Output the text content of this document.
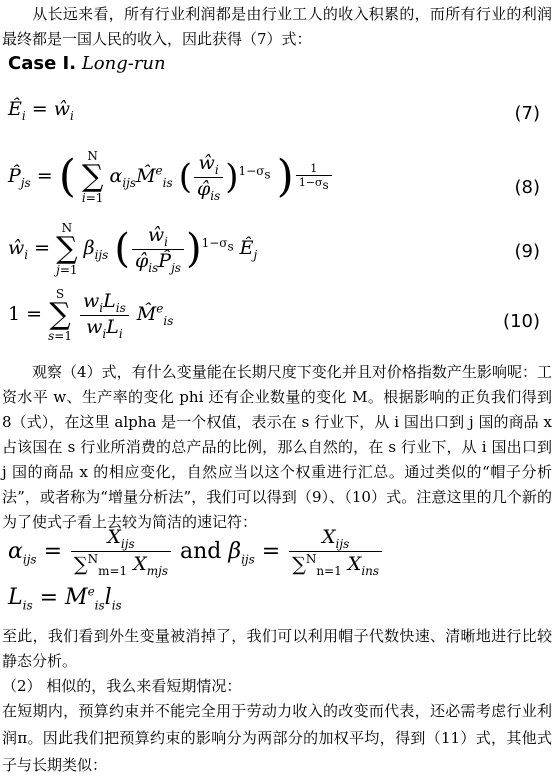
从长远来看，所有行业利润都是由行业工人的收入积累的，而所有行业的利润最终都是一国人民的收入，因此获得（7）式：
Case I. Long-run
$Ê_i$ = $ŵ_i$	(7)
$P̂_{js}$ = ( N
∑
i=1 $\alpha_{ijs}M̂^e_{is}$ ( $\frac{ŵ_i}{\varphî_{is}} )^{1-\sigma_s}$ ) $\frac{1}{1-\sigma_s}$	(8)
$ŵ_i = N$
∑
j=1 $\beta_{ijs}$ ( $\frac{ŵ_i}{\varphî_{is}P̂_{js}} )^{1-\sigma_s}$ $Ê_j$	(9)
1 = S
∑
$s=1 \frac{w_iL_{is}}{w_iL_i}$ M̂$^e_{is}$	(10)
观察（4）式，有什么变量能在长期尺度下变化并且对价格指数产生影响呢：工资水平 w、生产率的变化 phi 还有企业数量的变化 M。根据影响的正负我们得到 8（式），在这里 alpha 是一个权值，表示在 s 行业下，从 i 国出口到 j 国的商品 x 占该国在 s 行业所消费的总产品的比例，那么自然的，在 s 行业下，从 i 国出口到 j 国的商品 x 的相应变化，自然应当以这个权重进行汇总。通过类似的“帽子分析法”，或者称为“增量分析法”，我们可以得到（9）、（10）式。注意这里的几个新的为了使式子看上去较为简洁的速记符：
$\alpha_{ijs} = \frac{X_{ijs}}{\sum^N_{m=1} X_{mjs}}$ and $\beta_{ijs} = \frac{X_{ijs}}{\sum^N_{n=1} X_{ins}}$
$L_{is} = M^e_{is}l_{is}$
至此，我们看到外生变量被消掉了，我们可以利用帽子代数快速、清晰地进行比较静态分析。
（2） 相似的，我么来看短期情况：
在短期内，预算约束并不能完全用于劳动力收入的改变而代表，还必需考虑行业利润π。因此我们把预算约束的影响分为两部分的加权平均，得到（11）式，其他式子与长期类似：
